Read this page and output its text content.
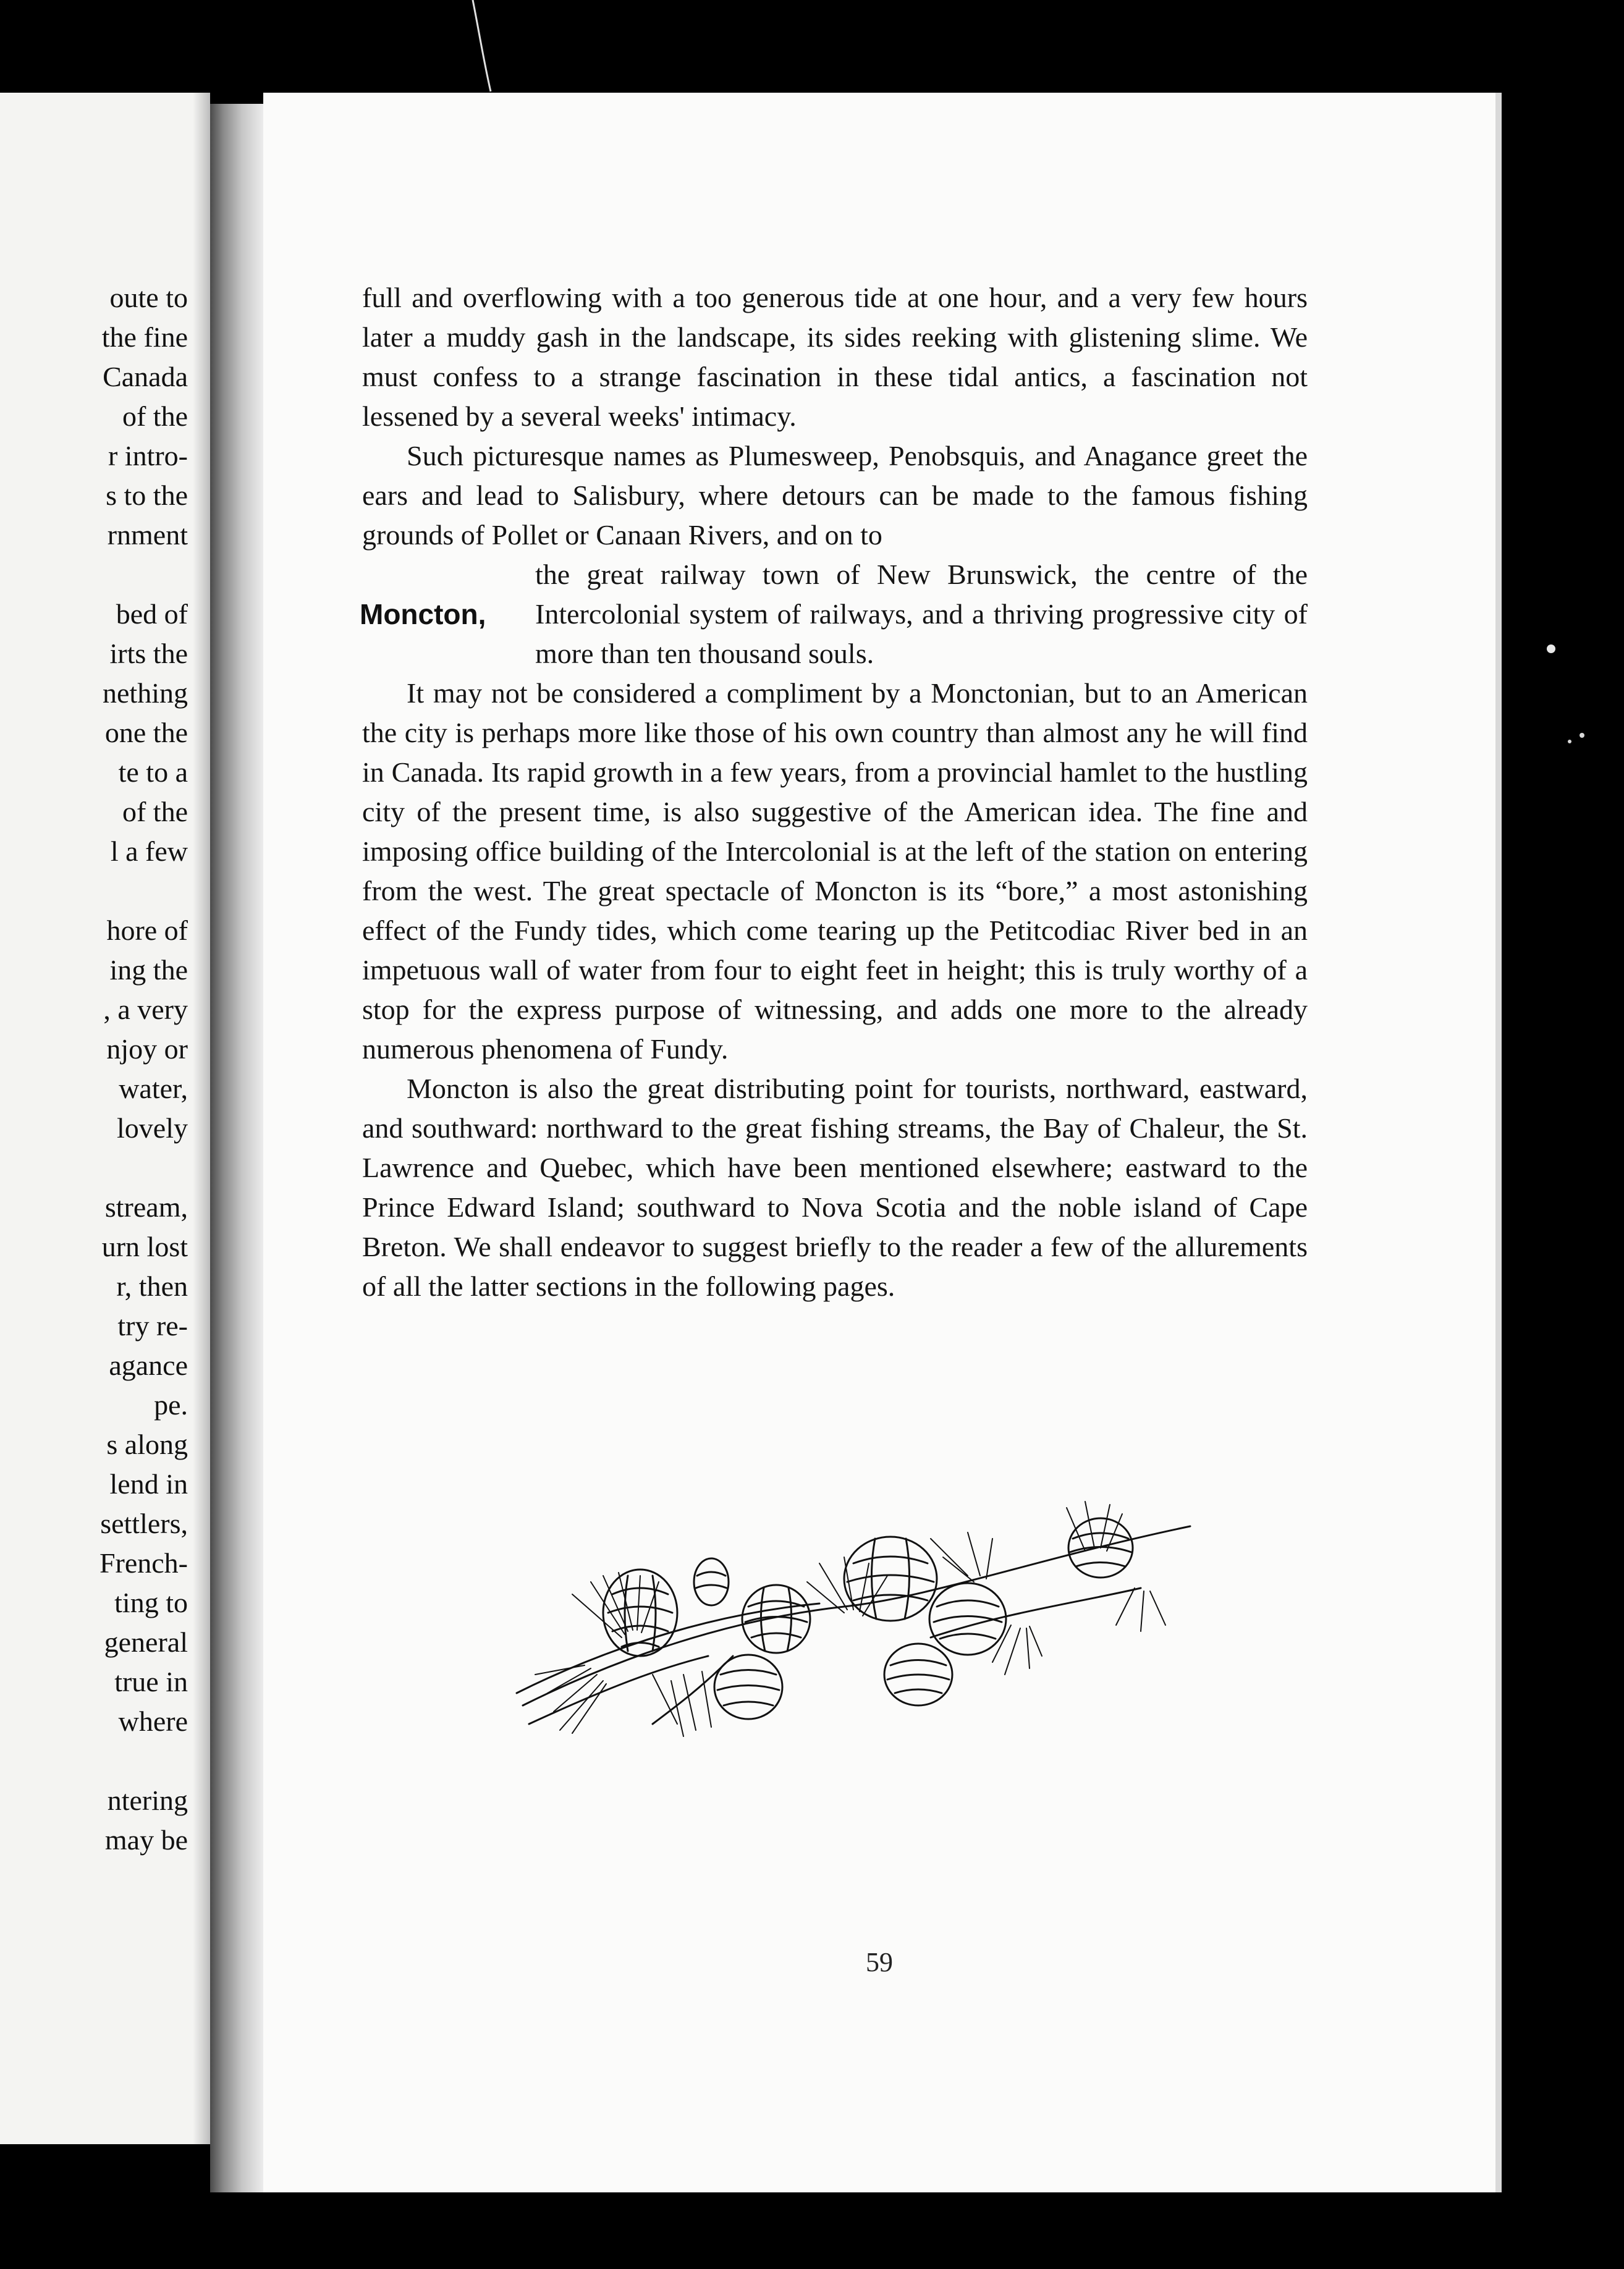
oute to
the fine
Canada
of the
r intro-
s to the
rnment
bed of
irts the
nething
one the
te to a
of the
l a few
hore of
ing the
, a very
njoy or
water,
lovely
stream,
urn lost
r, then
try re-
agance
pe.
s along
lend in
settlers,
French-
ting to
general
true in
where
ntering
may be

full and overflowing with a too generous tide at one hour, and a very few hours later a muddy gash in the landscape, its sides reeking with glistening slime. We must confess to a strange fascination in these tidal antics, a fascination not lessened by a several weeks' intimacy.

Such picturesque names as Plumesweep, Penobsquis, and Anagance greet the ears and lead to Salisbury, where detours can be made to the famous fishing grounds of Pollet or Canaan Rivers, and on to

Moncton,

the great railway town of New Brunswick, the centre of the Intercolonial system of railways, and a thriving progressive city of more than ten thousand souls.

It may not be considered a compliment by a Monctonian, but to an American the city is perhaps more like those of his own country than almost any he will find in Canada. Its rapid growth in a few years, from a provincial hamlet to the hustling city of the present time, is also suggestive of the American idea. The fine and imposing office building of the Intercolonial is at the left of the station on entering from the west. The great spectacle of Moncton is its “bore,” a most astonishing effect of the Fundy tides, which come tearing up the Petitcodiac River bed in an impetuous wall of water from four to eight feet in height; this is truly worthy of a stop for the express purpose of witnessing, and adds one more to the already numerous phenomena of Fundy.

Moncton is also the great distributing point for tourists, northward, eastward, and southward: northward to the great fishing streams, the Bay of Chaleur, the St. Lawrence and Quebec, which have been mentioned elsewhere; eastward to the Prince Edward Island; southward to Nova Scotia and the noble island of Cape Breton. We shall endeavor to suggest briefly to the reader a few of the allurements of all the latter sections in the following pages.

59
